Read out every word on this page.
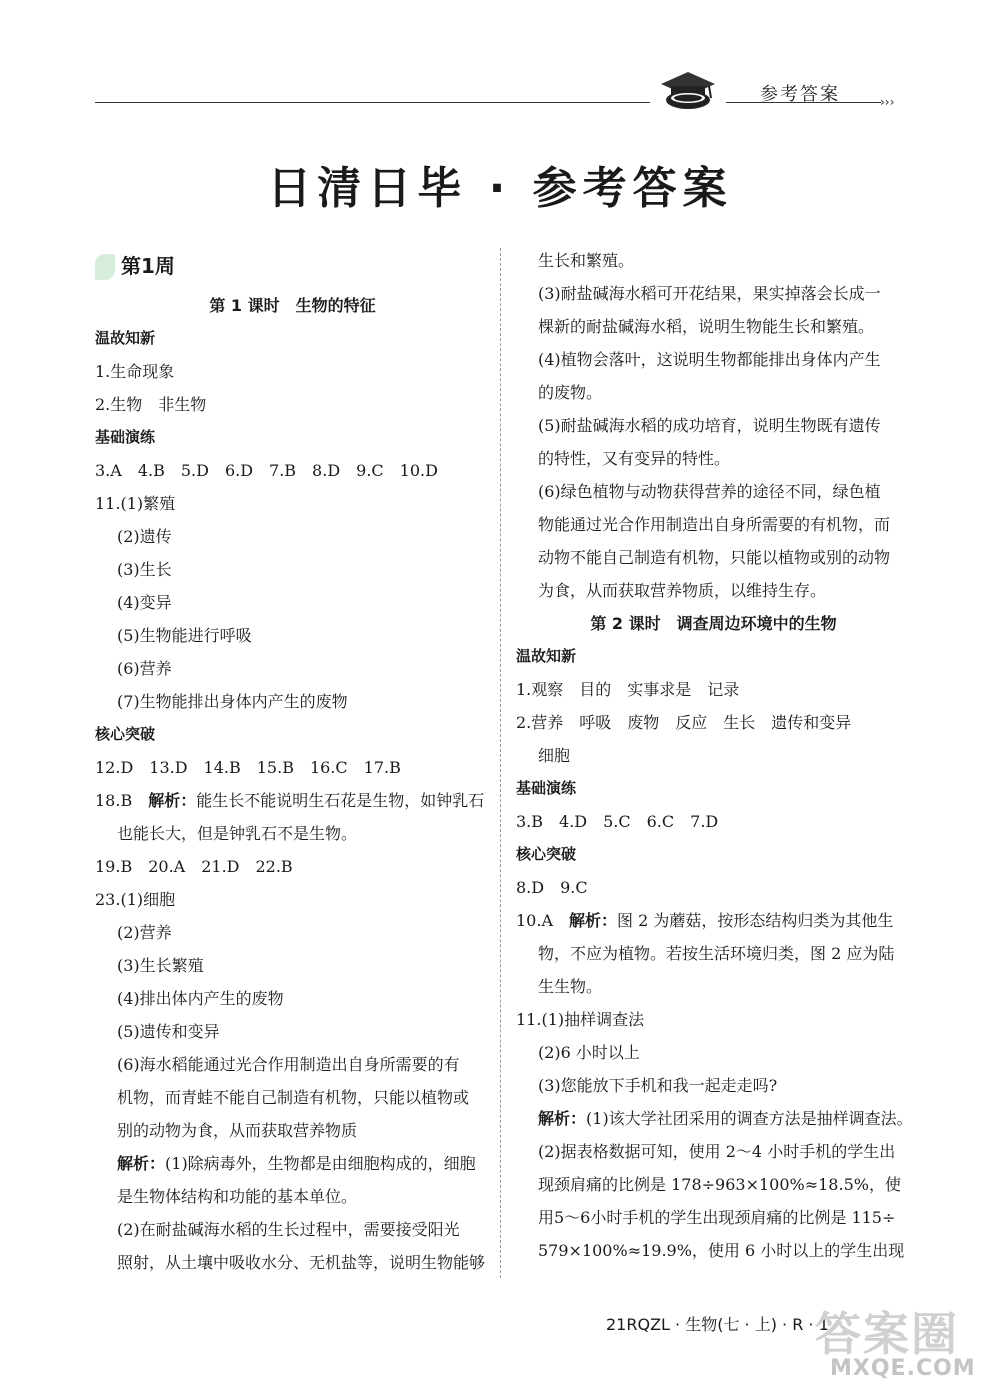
参考答案	›››
日清日毕 · 参考答案
第1周
第 1 课时　生物的特征
温故知新
1.生命现象
2.生物　非生物
基础演练
3.A　4.B　5.D　6.D　7.B　8.D　9.C　10.D
11.(1)繁殖
(2)遗传
(3)生长
(4)变异
(5)生物能进行呼吸
(6)营养
(7)生物能排出身体内产生的废物
核心突破
12.D　13.D　14.B　15.B　16.C　17.B
18.B　解析：能生长不能说明生石花是生物，如钟乳石
也能长大，但是钟乳石不是生物。
19.B　20.A　21.D　22.B
23.(1)细胞
(2)营养
(3)生长繁殖
(4)排出体内产生的废物
(5)遗传和变异
(6)海水稻能通过光合作用制造出自身所需要的有
机物，而青蛙不能自己制造有机物，只能以植物或
别的动物为食，从而获取营养物质
解析：(1)除病毒外，生物都是由细胞构成的，细胞
是生物体结构和功能的基本单位。
(2)在耐盐碱海水稻的生长过程中，需要接受阳光
照射，从土壤中吸收水分、无机盐等，说明生物能够
生长和繁殖。
(3)耐盐碱海水稻可开花结果，果实掉落会长成一
棵新的耐盐碱海水稻，说明生物能生长和繁殖。
(4)植物会落叶，这说明生物都能排出身体内产生
的废物。
(5)耐盐碱海水稻的成功培育，说明生物既有遗传
的特性，又有变异的特性。
(6)绿色植物与动物获得营养的途径不同，绿色植
物能通过光合作用制造出自身所需要的有机物，而
动物不能自己制造有机物，只能以植物或别的动物
为食，从而获取营养物质，以维持生存。
第 2 课时　调查周边环境中的生物
温故知新
1.观察　目的　实事求是　记录
2.营养　呼吸　废物　反应　生长　遗传和变异
细胞
基础演练
3.B　4.D　5.C　6.C　7.D
核心突破
8.D　9.C
10.A　解析：图 2 为蘑菇，按形态结构归类为其他生
物，不应为植物。若按生活环境归类，图 2 应为陆
生生物。
11.(1)抽样调查法
(2)6 小时以上
(3)您能放下手机和我一起走走吗?
解析：(1)该大学社团采用的调查方法是抽样调查法。
(2)据表格数据可知，使用 2～4 小时手机的学生出
现颈肩痛的比例是 178÷963×100%≈18.5%，使
用5～6小时手机的学生出现颈肩痛的比例是 115÷
579×100%≈19.9%，使用 6 小时以上的学生出现
21RQZL · 生物(七 · 上) · R · 1
答案圈
MXQE.COM
